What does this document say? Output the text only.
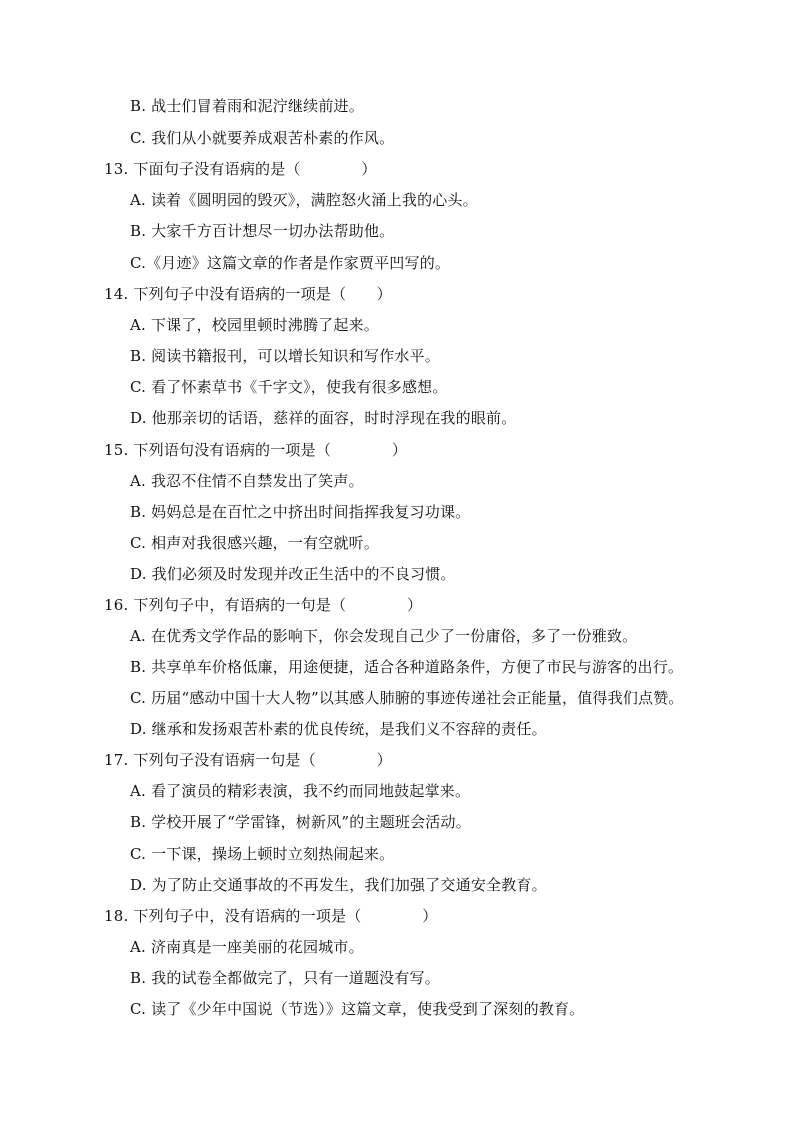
B. 战士们冒着雨和泥泞继续前进。
C. 我们从小就要养成艰苦朴素的作风。
13. 下面句子没有语病的是（　　　　）
A. 读着《圆明园的毁灭》，满腔怒火涌上我的心头。
B. 大家千方百计想尽一切办法帮助他。
C.《月迹》这篇文章的作者是作家贾平凹写的。
14. 下列句子中没有语病的一项是（　　）
A. 下课了，校园里顿时沸腾了起来。
B. 阅读书籍报刊，可以增长知识和写作水平。
C. 看了怀素草书《千字文》，使我有很多感想。
D. 他那亲切的话语，慈祥的面容，时时浮现在我的眼前。
15. 下列语句没有语病的一项是（　　　　）
A. 我忍不住情不自禁发出了笑声。
B. 妈妈总是在百忙之中挤出时间指挥我复习功课。
C. 相声对我很感兴趣，一有空就听。
D. 我们必须及时发现并改正生活中的不良习惯。
16. 下列句子中，有语病的一句是（　　　　）
A. 在优秀文学作品的影响下，你会发现自己少了一份庸俗，多了一份雅致。
B. 共享单车价格低廉，用途便捷，适合各种道路条件，方便了市民与游客的出行。
C. 历届“感动中国十大人物”以其感人肺腑的事迹传递社会正能量，值得我们点赞。
D. 继承和发扬艰苦朴素的优良传统，是我们义不容辞的责任。
17. 下列句子没有语病一句是（　　　　）
A. 看了演员的精彩表演，我不约而同地鼓起掌来。
B. 学校开展了“学雷锋，树新风”的主题班会活动。
C. 一下课，操场上顿时立刻热闹起来。
D. 为了防止交通事故的不再发生，我们加强了交通安全教育。
18. 下列句子中，没有语病的一项是（　　　　）
A. 济南真是一座美丽的花园城市。
B. 我的试卷全都做完了，只有一道题没有写。
C. 读了《少年中国说（节选）》这篇文章，使我受到了深刻的教育。
